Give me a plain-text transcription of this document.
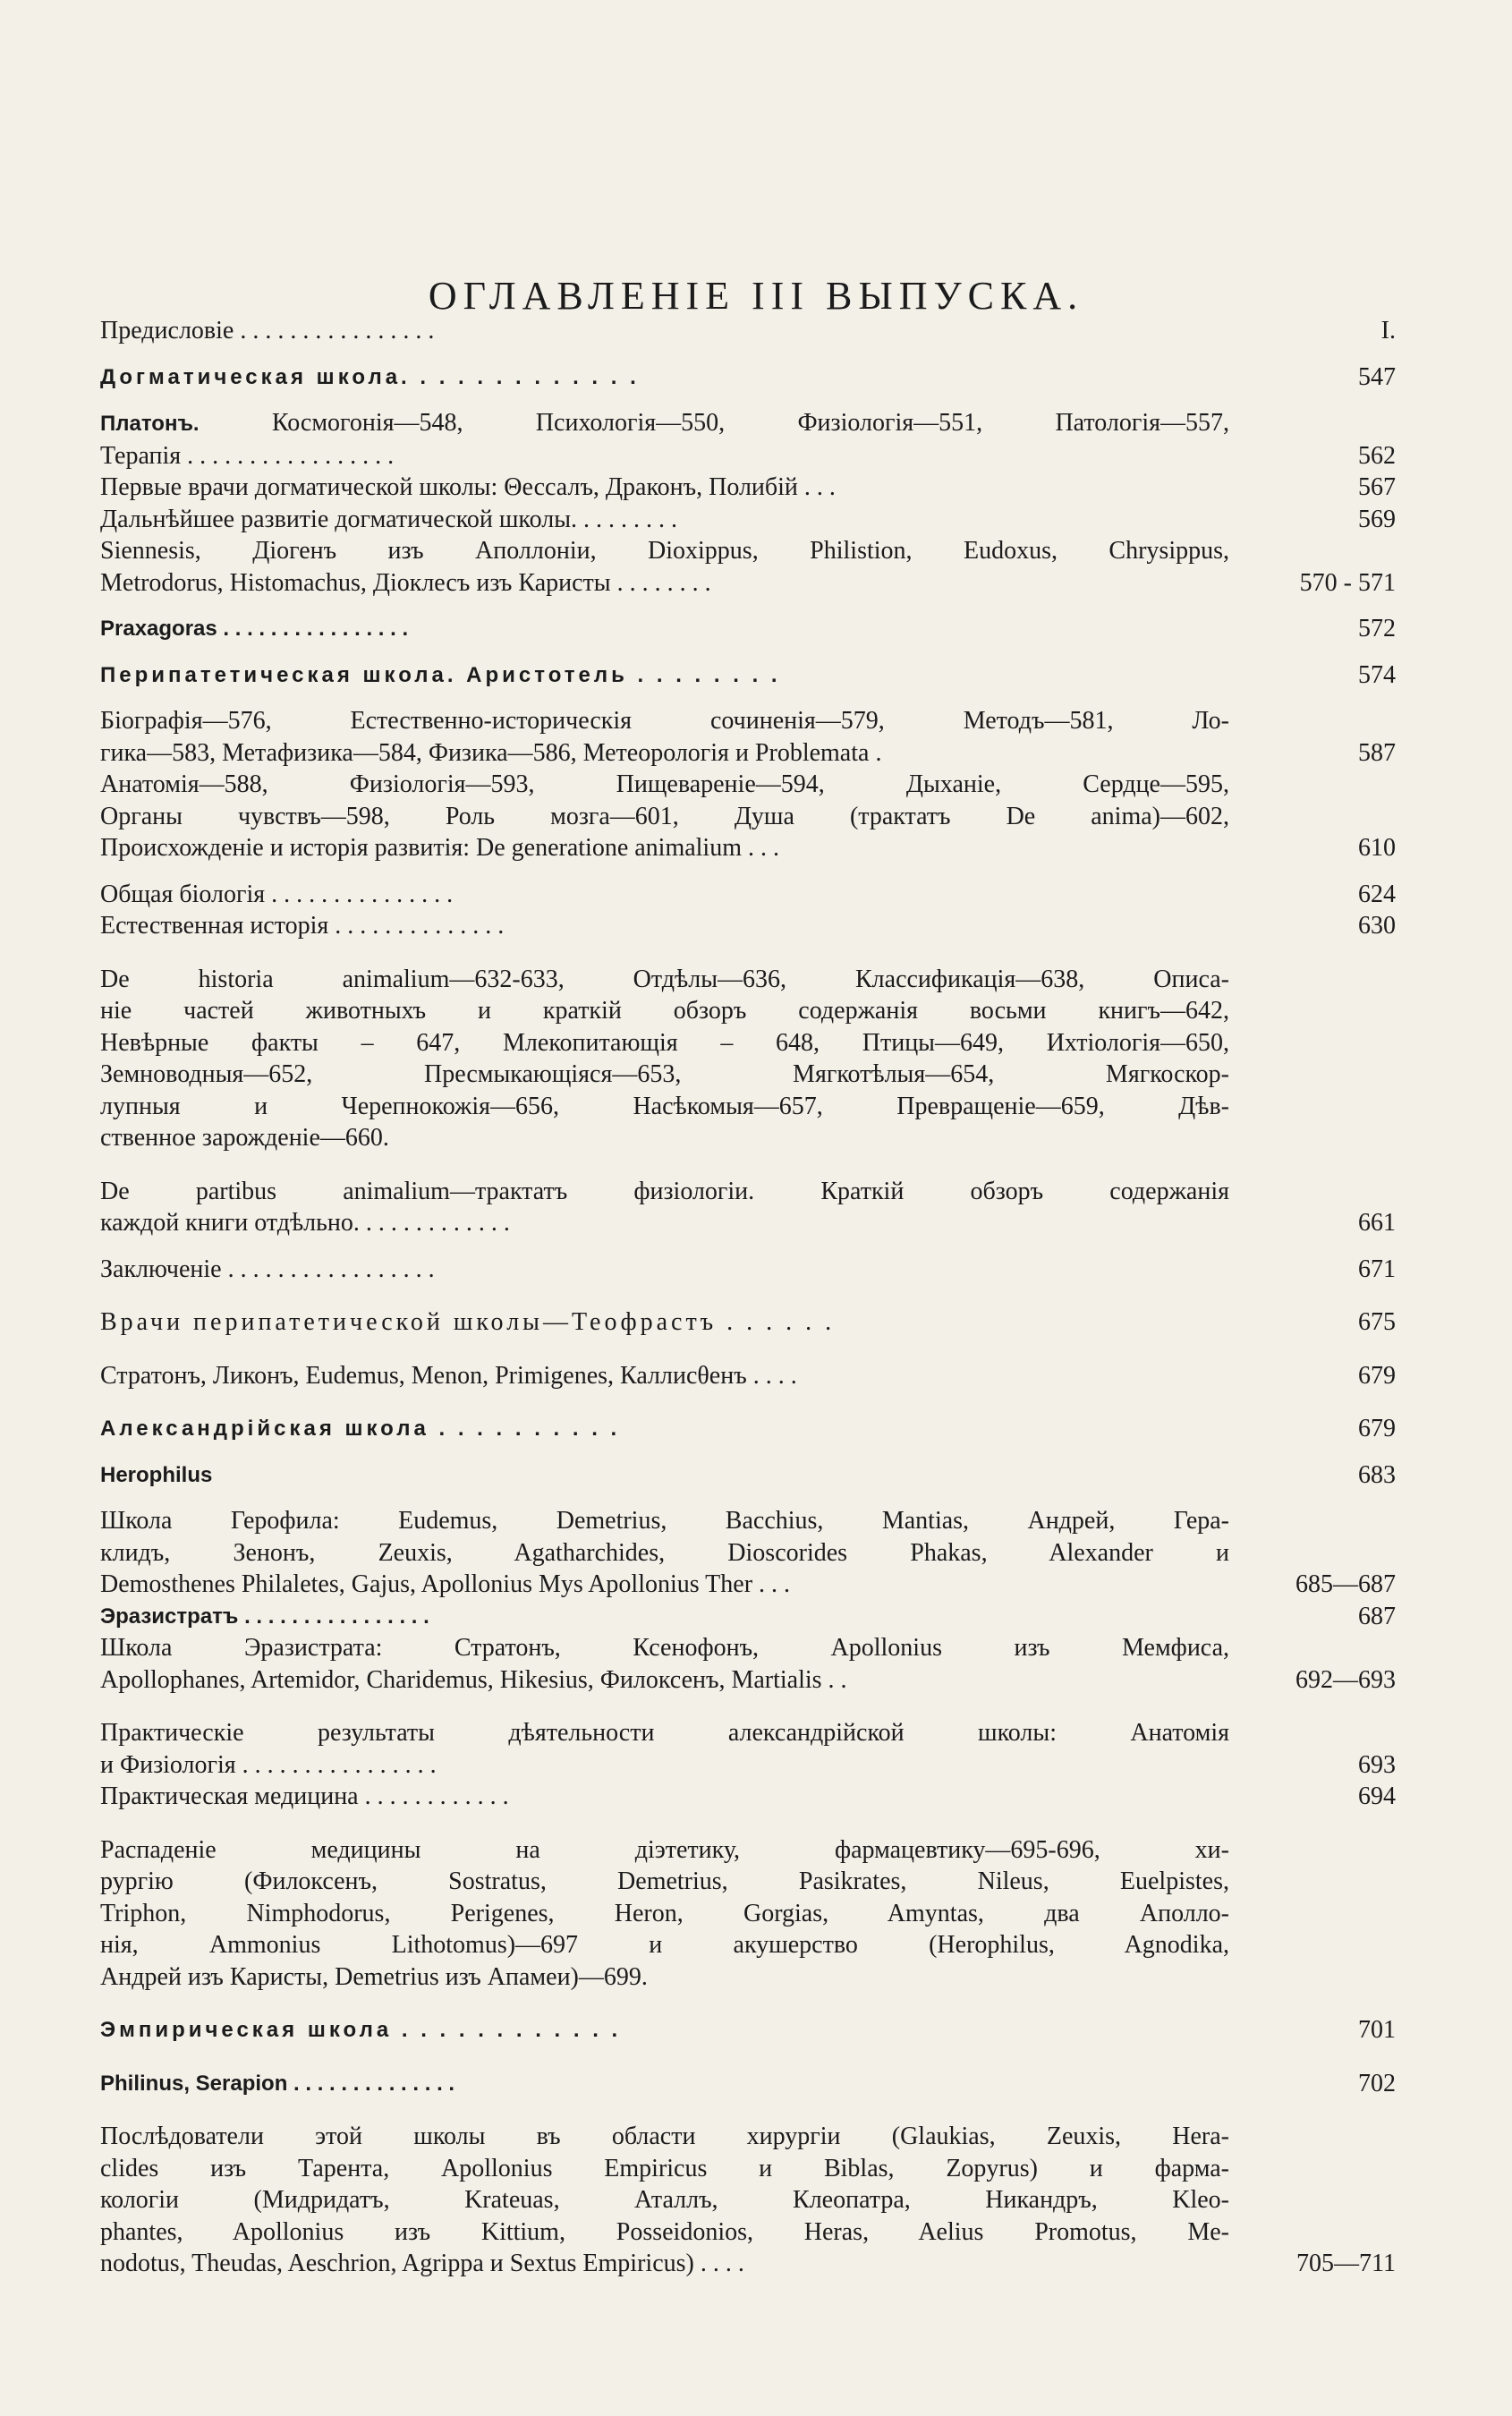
ОГЛАВЛЕНІЕ III ВЫПУСКА.
Предисловіе . . . . . . . . . . . . . . . .	I.
Догматическая школа. . . . . . . . . . . . .	547
Платонъ. Космогонія—548, Психологія—550, Физіологія—551, Патологія—557,
Терапія . . . . . . . . . . . . . . . . .	562
Первые врачи догматической школы: Θессалъ, Драконъ, Полибій . . .	567
Дальнѣйшее развитіе догматической школы. . . . . . . . .	569
Siennesis, Діогенъ изъ Аполлоніи, Dioxippus, Philistion, Eudoxus, Chrysippus,
Metrodorus, Histomachus, Діоклесъ изъ Каристы . . . . . . . .	570 - 571
Praxagoras . . . . . . . . . . . . . . . .	572
Перипатетическая школа. Аристотель . . . . . . . .	574
Біографія—576, Естественно-историческія сочиненія—579, Методъ—581, Ло-
гика—583, Метафизика—584, Физика—586, Метеорологія и Problemata .	587
Анатомія—588, Физіологія—593, Пищевареніе—594, Дыханіе, Сердце—595,
Органы чувствъ—598, Роль мозга—601, Душа (трактатъ De anima)—602,
Происхожденіе и исторія развитія: De generatione animalium . . .	610
Общая біологія . . . . . . . . . . . . . . .	624
Естественная исторія . . . . . . . . . . . . . .	630
De historia animalium—632-633, Отдѣлы—636, Классификація—638, Описа-
ніе частей животныхъ и краткій обзоръ содержанія восьми книгъ—642,
Невѣрные факты – 647, Млекопитающія – 648, Птицы—649, Ихтіологія—650,
Земноводныя—652, Пресмыкающіяся—653, Мягкотѣлыя—654, Мягкоскор-
лупныя и Черепнокожія—656, Насѣкомыя—657, Превращеніе—659, Дѣв-
ственное зарожденіе—660.
De partibus animalium—трактатъ физіологіи. Краткій обзоръ содержанія
каждой книги отдѣльно. . . . . . . . . . . . .	661
Заключеніе . . . . . . . . . . . . . . . . .	671
Врачи перипатетической школы—Теофрастъ . . . . . .	675
Стратонъ, Ликонъ, Eudemus, Menon, Primigenes, Каллисθенъ . . . .	679
Александрійская школа . . . . . . . . . .	679
Herophilus	683
Школа Герофила: Eudemus, Demetrius, Bacchius, Mantias, Андрей, Гера-
клидъ, Зенонъ, Zeuxis, Agatharchides, Dioscorides Phakas, Alexander и
Demosthenes Philaletes, Gajus, Apollonius Mys Apollonius Ther . . .	685—687
Эразистратъ . . . . . . . . . . . . . . . .	687
Школа Эразистрата: Стратонъ, Ксенофонъ, Apollonius изъ Мемфиса,
Apollophanes, Artemidor, Charidemus, Hikesius, Филоксенъ, Martialis . .	692—693
Практическіе результаты дѣятельности александрійской школы: Анатомія
и Физіологія . . . . . . . . . . . . . . . .	693
Практическая медицина . . . . . . . . . . . .	694
Распаденіе медицины на діэтетику, фармацевтику—695-696, хи-
рургію (Филоксенъ, Sostratus, Demetrius, Pasikrates, Nileus, Euelpistes,
Triphon, Nimphodorus, Perigenes, Heron, Gorgias, Amyntas, два Аполло-
нія, Ammonius Lithotomus)—697 и акушерство (Herophilus, Agnodika,
Андрей изъ Каристы, Demetrius изъ Апамеи)—699.
Эмпирическая школа . . . . . . . . . . . .	701
Philinus, Serapion . . . . . . . . . . . . . .	702
Послѣдователи этой школы въ области хирургіи (Glaukias, Zeuxis, Hera-
clides изъ Тарента, Apollonius Empiricus и Biblas, Zopyrus) и фарма-
кологіи (Мидридатъ, Krateuas, Аталлъ, Клеопатра, Никандръ, Kleo-
phantes, Apollonius изъ Kittium, Posseidonios, Heras, Aelius Promotus, Me-
nodotus, Theudas, Aeschrion, Agrippa и Sextus Empiricus) . . . .	705—711
